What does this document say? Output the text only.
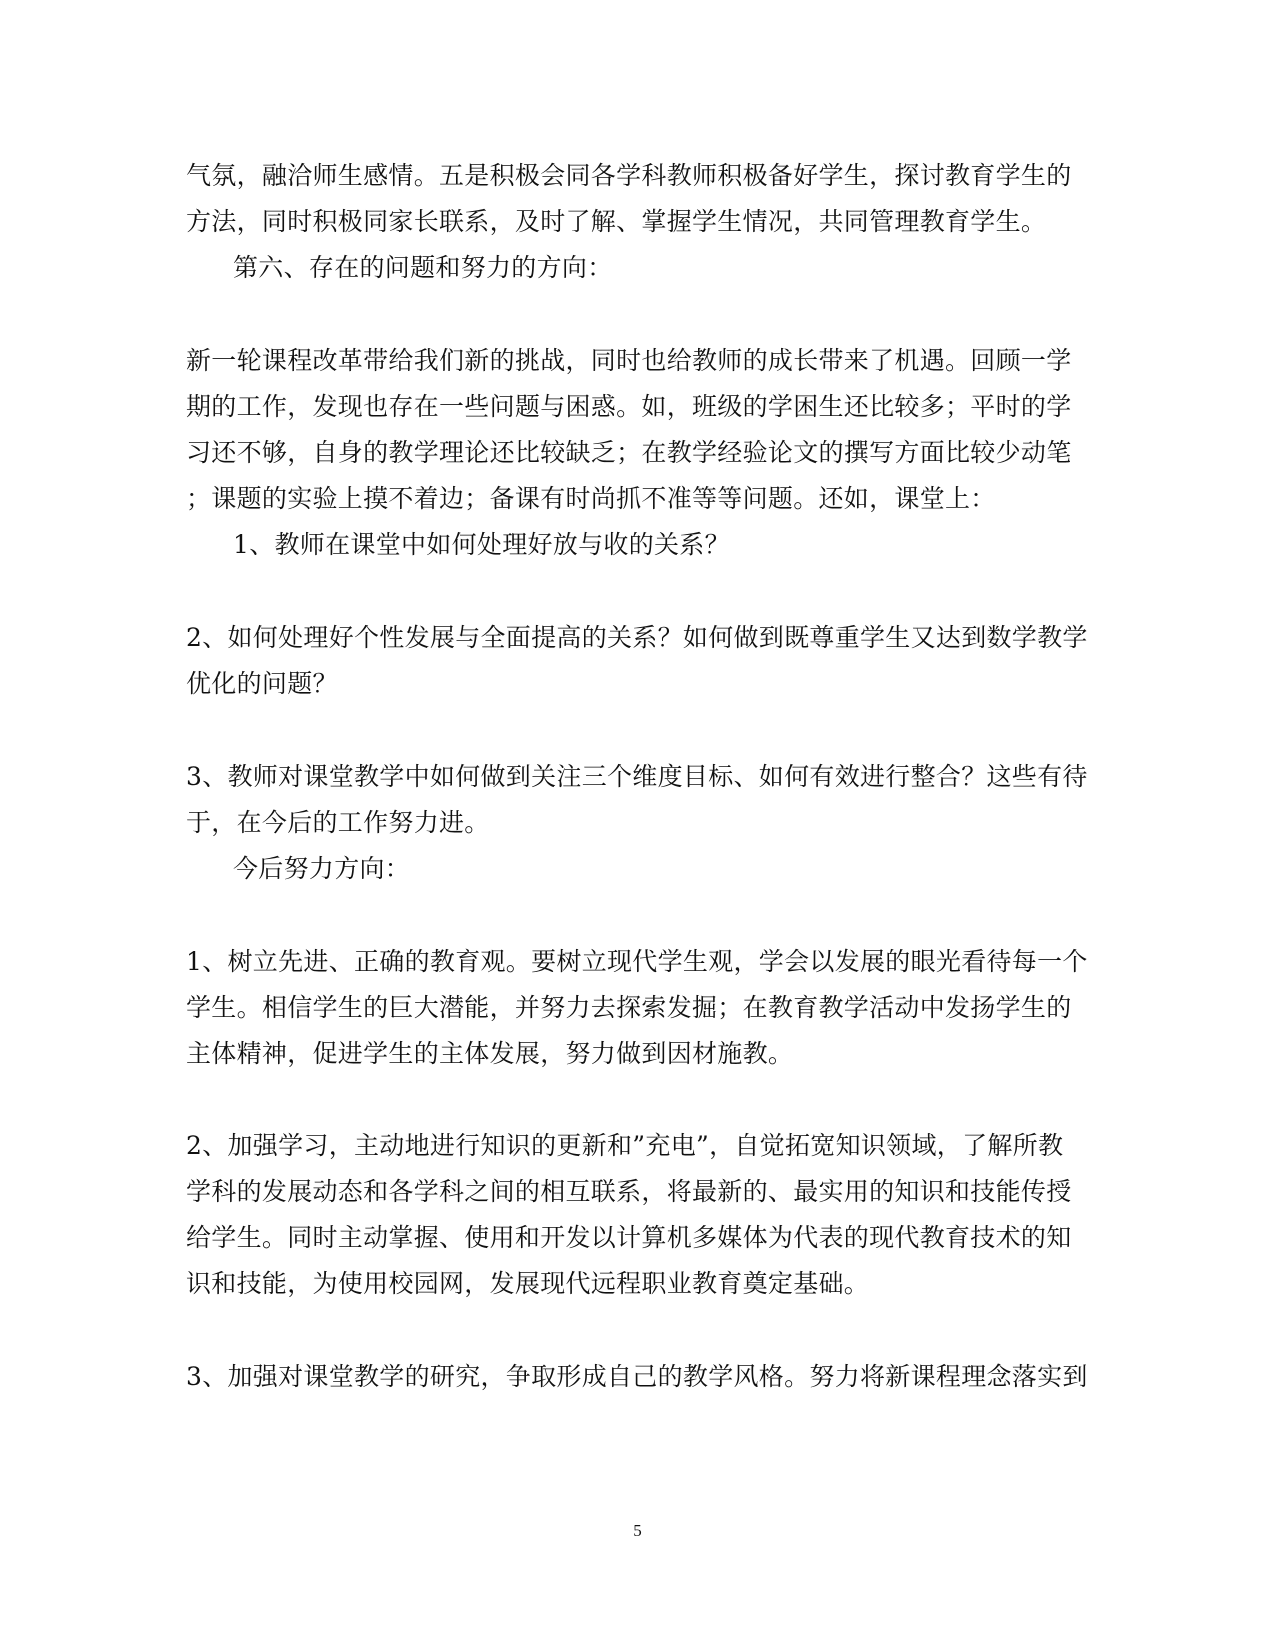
气氛，融洽师生感情。五是积极会同各学科教师积极备好学生，探讨教育学生的
方法，同时积极同家长联系，及时了解、掌握学生情况，共同管理教育学生。
第六、存在的问题和努力的方向：
新一轮课程改革带给我们新的挑战，同时也给教师的成长带来了机遇。回顾一学
期的工作，发现也存在一些问题与困惑。如，班级的学困生还比较多；平时的学
习还不够，自身的教学理论还比较缺乏；在教学经验论文的撰写方面比较少动笔
；课题的实验上摸不着边；备课有时尚抓不准等等问题。还如，课堂上：
1、教师在课堂中如何处理好放与收的关系？
2、如何处理好个性发展与全面提高的关系？如何做到既尊重学生又达到数学教学
优化的问题？
3、教师对课堂教学中如何做到关注三个维度目标、如何有效进行整合？这些有待
于，在今后的工作努力进。
今后努力方向：
1、树立先进、正确的教育观。要树立现代学生观，学会以发展的眼光看待每一个
学生。相信学生的巨大潜能，并努力去探索发掘；在教育教学活动中发扬学生的
主体精神，促进学生的主体发展，努力做到因材施教。
2、加强学习，主动地进行知识的更新和”充电”，自觉拓宽知识领域，了解所教
学科的发展动态和各学科之间的相互联系，将最新的、最实用的知识和技能传授
给学生。同时主动掌握、使用和开发以计算机多媒体为代表的现代教育技术的知
识和技能，为使用校园网，发展现代远程职业教育奠定基础。
3、加强对课堂教学的研究，争取形成自己的教学风格。努力将新课程理念落实到
5
